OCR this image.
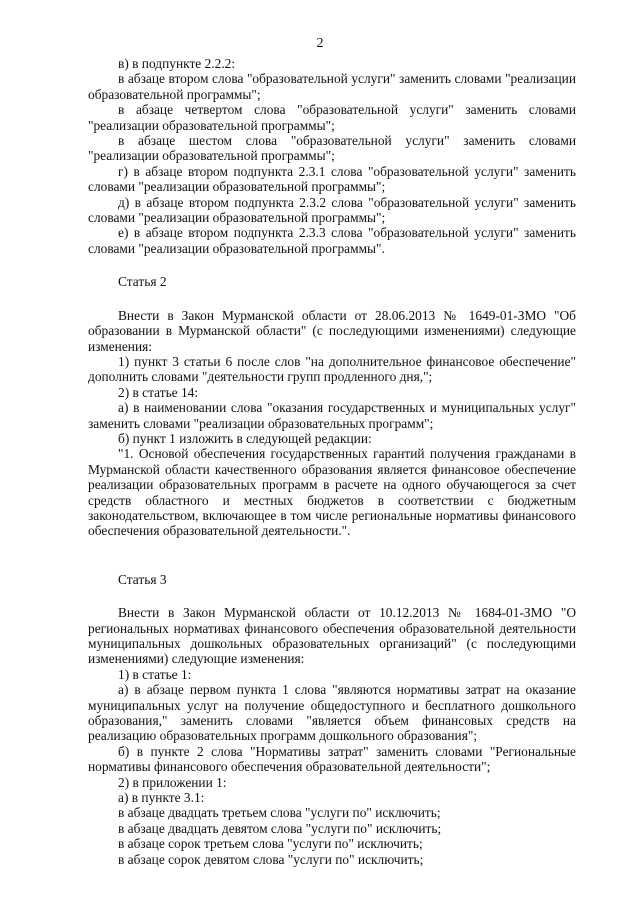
2

в) в подпункте 2.2.2:

в абзаце втором слова "образовательной услуги" заменить словами "реализации образовательной программы";

в абзаце четвертом слова "образовательной услуги" заменить словами "реализации образовательной программы";

в абзаце шестом слова "образовательной услуги" заменить словами "реализации образовательной программы";

г) в абзаце втором подпункта 2.3.1 слова "образовательной услуги" заменить словами "реализации образовательной программы";

д) в абзаце втором подпункта 2.3.2 слова "образовательной услуги" заменить словами "реализации образовательной программы";

е) в абзаце втором подпункта 2.3.3 слова "образовательной услуги" заменить словами "реализации образовательной программы".

Статья 2

Внести в Закон Мурманской области от 28.06.2013 № 1649-01-ЗМО "Об образовании в Мурманской области" (с последующими изменениями) следующие изменения:

1) пункт 3 статьи 6 после слов "на дополнительное финансовое обеспечение" дополнить словами "деятельности групп продленного дня,";

2) в статье 14:

а) в наименовании слова "оказания государственных и муниципальных услуг" заменить словами "реализации образовательных программ";

б) пункт 1 изложить в следующей редакции:

"1. Основой обеспечения государственных гарантий получения гражданами в Мурманской области качественного образования является финансовое обеспечение реализации образовательных программ в расчете на одного обучающегося за счет средств областного и местных бюджетов в соответствии с бюджетным законодательством, включающее в том числе региональные нормативы финансового обеспечения образовательной деятельности.".

Статья 3

Внести в Закон Мурманской области от 10.12.2013 № 1684-01-ЗМО "О региональных нормативах финансового обеспечения образовательной деятельности муниципальных дошкольных образовательных организаций" (с последующими изменениями) следующие изменения:

1) в статье 1:

а) в абзаце первом пункта 1 слова "являются нормативы затрат на оказание муниципальных услуг на получение общедоступного и бесплатного дошкольного образования," заменить словами "является объем финансовых средств на реализацию образовательных программ дошкольного образования";

б) в пункте 2 слова "Нормативы затрат" заменить словами "Региональные нормативы финансового обеспечения образовательной деятельности";

2) в приложении 1:

а) в пункте 3.1:

в абзаце двадцать третьем слова "услуги по" исключить;

в абзаце двадцать девятом слова "услуги по" исключить;

в абзаце сорок третьем слова "услуги по" исключить;

в абзаце сорок девятом слова "услуги по" исключить;
